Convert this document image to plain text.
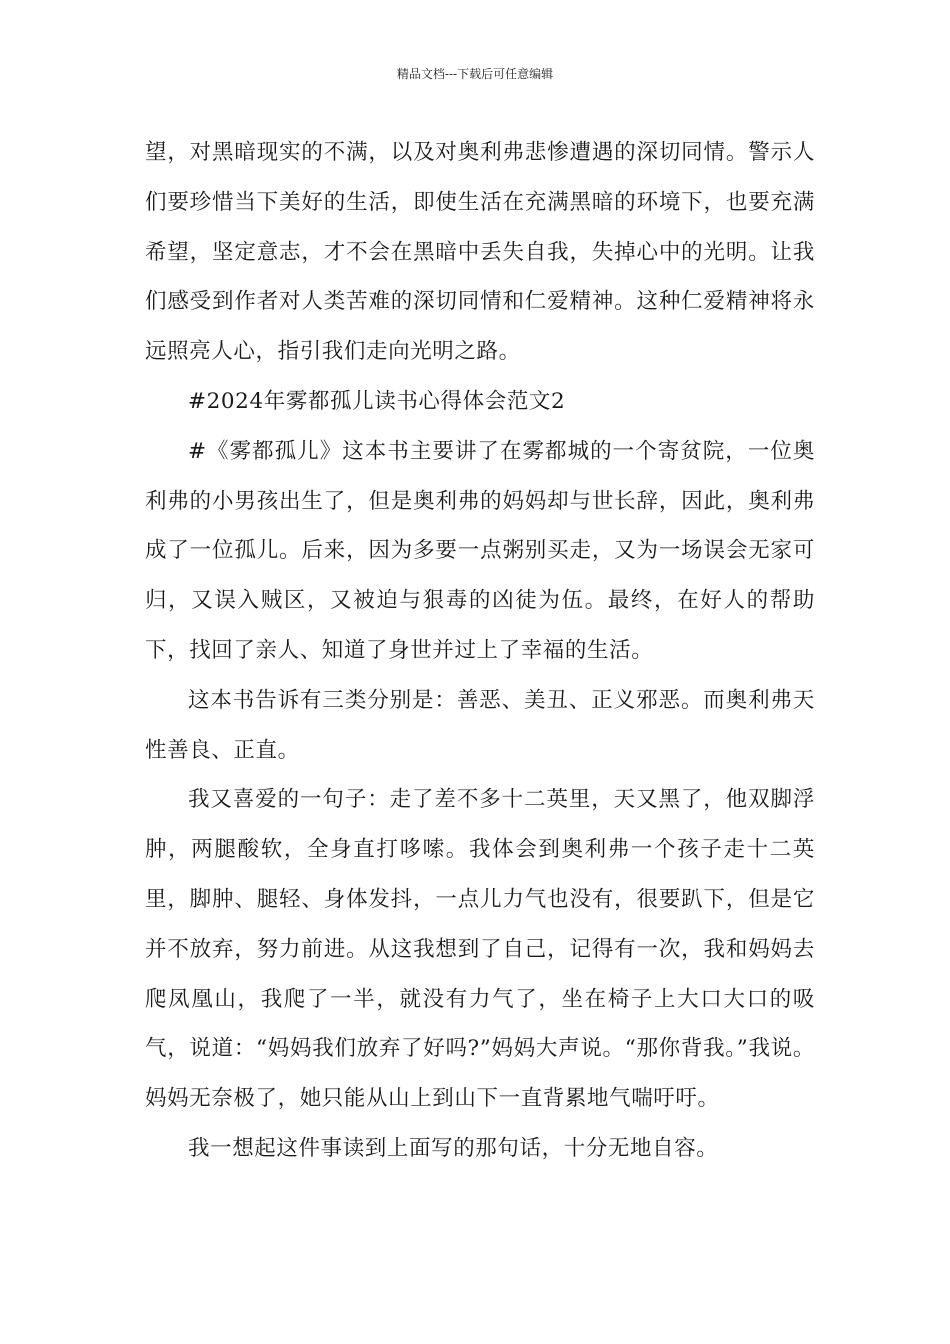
精品文档---下载后可任意编辑

望，对黑暗现实的不满，以及对奥利弗悲惨遭遇的深切同情。警示人们要珍惜当下美好的生活，即使生活在充满黑暗的环境下，也要充满希望，坚定意志，才不会在黑暗中丢失自我，失掉心中的光明。让我们感受到作者对人类苦难的深切同情和仁爱精神。这种仁爱精神将永远照亮人心，指引我们走向光明之路。

#2024年雾都孤儿读书心得体会范文2

#《雾都孤儿》这本书主要讲了在雾都城的一个寄贫院，一位奥利弗的小男孩出生了，但是奥利弗的妈妈却与世长辞，因此，奥利弗成了一位孤儿。后来，因为多要一点粥别买走，又为一场误会无家可归，又误入贼区，又被迫与狠毒的凶徒为伍。最终，在好人的帮助下，找回了亲人、知道了身世并过上了幸福的生活。

这本书告诉有三类分别是：善恶、美丑、正义邪恶。而奥利弗天性善良、正直。

我又喜爱的一句子：走了差不多十二英里，天又黑了，他双脚浮肿，两腿酸软，全身直打哆嗦。我体会到奥利弗一个孩子走十二英里，脚肿、腿轻、身体发抖，一点儿力气也没有，很要趴下，但是它并不放弃，努力前进。从这我想到了自己，记得有一次，我和妈妈去爬凤凰山，我爬了一半，就没有力气了，坐在椅子上大口大口的吸气，说道：“妈妈我们放弃了好吗?”妈妈大声说。“那你背我。”我说。妈妈无奈极了，她只能从山上到山下一直背累地气喘吁吁。

我一想起这件事读到上面写的那句话，十分无地自容。
